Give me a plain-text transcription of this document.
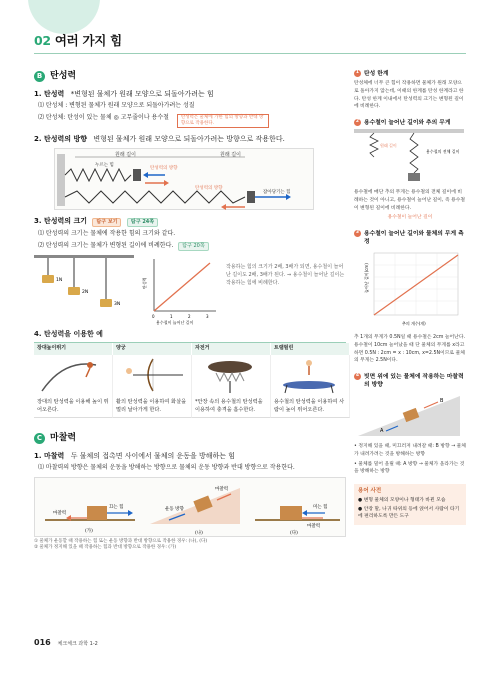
02 여러 가지 힘
B 탄성력
1. 탄성력 *변형된 물체가 원래 모양으로 되돌아가려는 힘
⑴ 탄성체 : 변형된 물체가 원래 모양으로 되돌아가려는 성질
⑵ 탄성체: 탄성이 있는 물체 ◎ 고무줄이나 용수철	탄성력은 물체에 가한 힘의 방향과 반대 방향으로 작용한다.
2. 탄성력의 방향 변형된 물체가 원래 모양으로 되돌아가려는 방향으로 작용한다.
원래 길이	원래 길이
누르는 힘
탄성력의 방향
탄성력의 방향
잡아당기는 힘
3. 탄성력의 크기 탐구 보기	탐구 24쪽
⑴ 탄성력의 크기는 물체에 작용한 힘의 크기와 같다.
⑵ 탄성력의 크기는 물체가 변형된 길이에 비례한다. 탐구 20쪽
1N
2N
3N
탄성력
0	1	2	3
용수철이 늘어난 길이
작용하는 힘의 크기가 2배, 3배가 되면, 용수철이 늘어난 길이도 2배, 3배가 된다. ⇒ 용수철이 늘어난 길이는 작용하는 힘에 비례한다.
4. 탄성력을 이용한 예
장대높이뛰기	양궁	자전거	트램펄린
장대의 탄성력을 이용해 높이 뛰어오른다.
활의 탄성력을 이용하여 화살을 멀리 날아가게 한다.
*안장 속의 용수철의 탄성력을 이용하여 충격을 흡수한다.
용수철의 탄성력을 이용하여 사람이 높이 뛰어오른다.
C 마찰력
1. 마찰력 두 물체의 접촉면 사이에서 물체의 운동을 방해하는 힘
⑴ 마찰력의 방향은 물체의 운동을 방해하는 방향으로 물체의 운동 방향과 반대 방향으로 작용한다.
끄는 힘
마찰력
(가)
운동 방향
마찰력
(나)
미는 힘
마찰력
(다)
① 물체가 운동할 때 작용하는 힘 또는 운동 방향과 반대 방향으로 작용한 경우: (나), (다)
② 물체가 정지해 있을 때 작용하는 힘과 반대 방향으로 작용한 경우: (가)
1 탄성 한계
탄성체에 너무 큰 힘이 작용하면 물체가 원래 모양으로 돌아가지 않는데, 이때의 한계를 탄성 한계라고 한다. 탄성 한계 이내에서 탄성력의 크기는 변형된 길이에 비례한다.
2 용수철이 늘어난 길이와 추의 무게
원래 길이
용수철의 전체 길이
용수철에 매단 추의 무게는 용수철의 전체 길이에 비례하는 것이 아니고, 용수철이 늘어난 길이, 즉 용수철이 변형된 길이에 비례한다.
용수철이 늘어난 길이
3 용수철이 늘어난 길이와 물체의 무게 측정
늘어난 길이(cm)
추의 개수(개)
추 1개의 무게가 0.5N일 때 용수철은 2cm 늘어난다. 용수철이 10cm 늘어났을 때 단 물체의 무게를 x라고 하면 0.5N : 2cm = x : 10cm, x=2.5N이므로 물체의 무게는 2.5N이다.
4 빗면 위에 있는 물체에 작용하는 마찰력의 방향
A
B
• 정지해 있을 때, 미끄러져 내려갈 때: B 방향 → 물체가 내려가려는 것을 방해하는 방향
• 물체를 밀어 올릴 때: A 방향 → 물체가 올라가는 것을 방해하는 방향
용어 사전
● 변형 물체의 모양이나 형태가 바뀐 모습
● 안장 말, 나귀 따위의 등에 얹어서 사람이 타기에 편리하도록 만든 도구
016 체크체크 과학 1-2
